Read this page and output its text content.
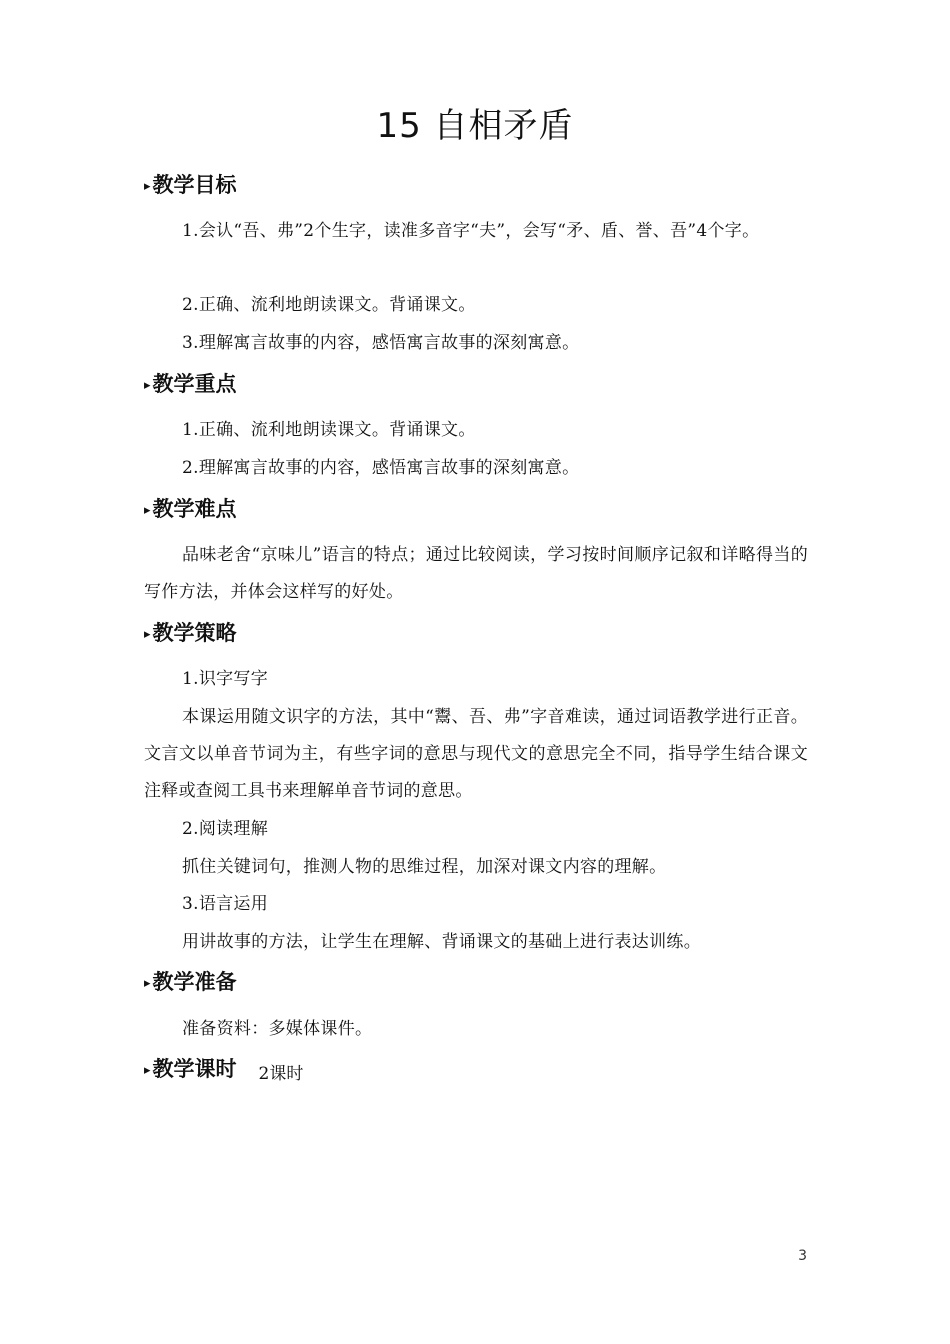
15 自相矛盾
▸教学目标

1.会认“吾、弗”2个生字，读准多音字“夫”，会写“矛、盾、誉、吾”4个字。

2.正确、流利地朗读课文。背诵课文。

3.理解寓言故事的内容，感悟寓言故事的深刻寓意。

▸教学重点

1.正确、流利地朗读课文。背诵课文。

2.理解寓言故事的内容，感悟寓言故事的深刻寓意。

▸教学难点

品味老舍“京味儿”语言的特点；通过比较阅读，学习按时间顺序记叙和详略得当的写作方法，并体会这样写的好处。

▸教学策略

1.识字写字

本课运用随文识字的方法，其中“鬻、吾、弗”字音难读，通过词语教学进行正音。文言文以单音节词为主，有些字词的意思与现代文的意思完全不同，指导学生结合课文注释或查阅工具书来理解单音节词的意思。

2.阅读理解

抓住关键词句，推测人物的思维过程，加深对课文内容的理解。

3.语言运用

用讲故事的方法，让学生在理解、背诵课文的基础上进行表达训练。

▸教学准备

准备资料：多媒体课件。

▸教学课时 2课时
3
